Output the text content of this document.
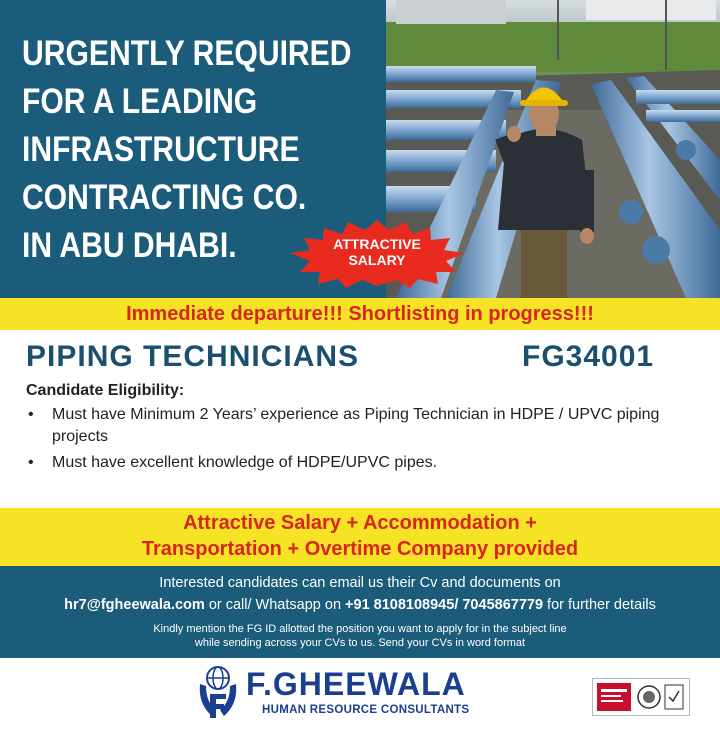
URGENTLY REQUIRED
FOR A LEADING
INFRASTRUCTURE
CONTRACTING CO.
IN ABU DHABI.	ATTRACTIVE
SALARY
Immediate departure!!! Shortlisting in progress!!!
PIPING TECHNICIANS	FG34001
Candidate Eligibility:
• Must have Minimum 2 Years’ experience as Piping Technician in HDPE / UPVC piping projects
• Must have excellent knowledge of HDPE/UPVC pipes.
Attractive Salary + Accommodation +
Transportation + Overtime Company provided
Interested candidates can email us their Cv and documents on
hr7@fgheewala.com or call/ Whatsapp on +91 8108108945/ 7045867779 for further details
Kindly mention the FG ID allotted the position you want to apply for in the subject line
while sending across your CVs to us. Send your CVs in word format
F.GHEEWALA
HUMAN RESOURCE CONSULTANTS
